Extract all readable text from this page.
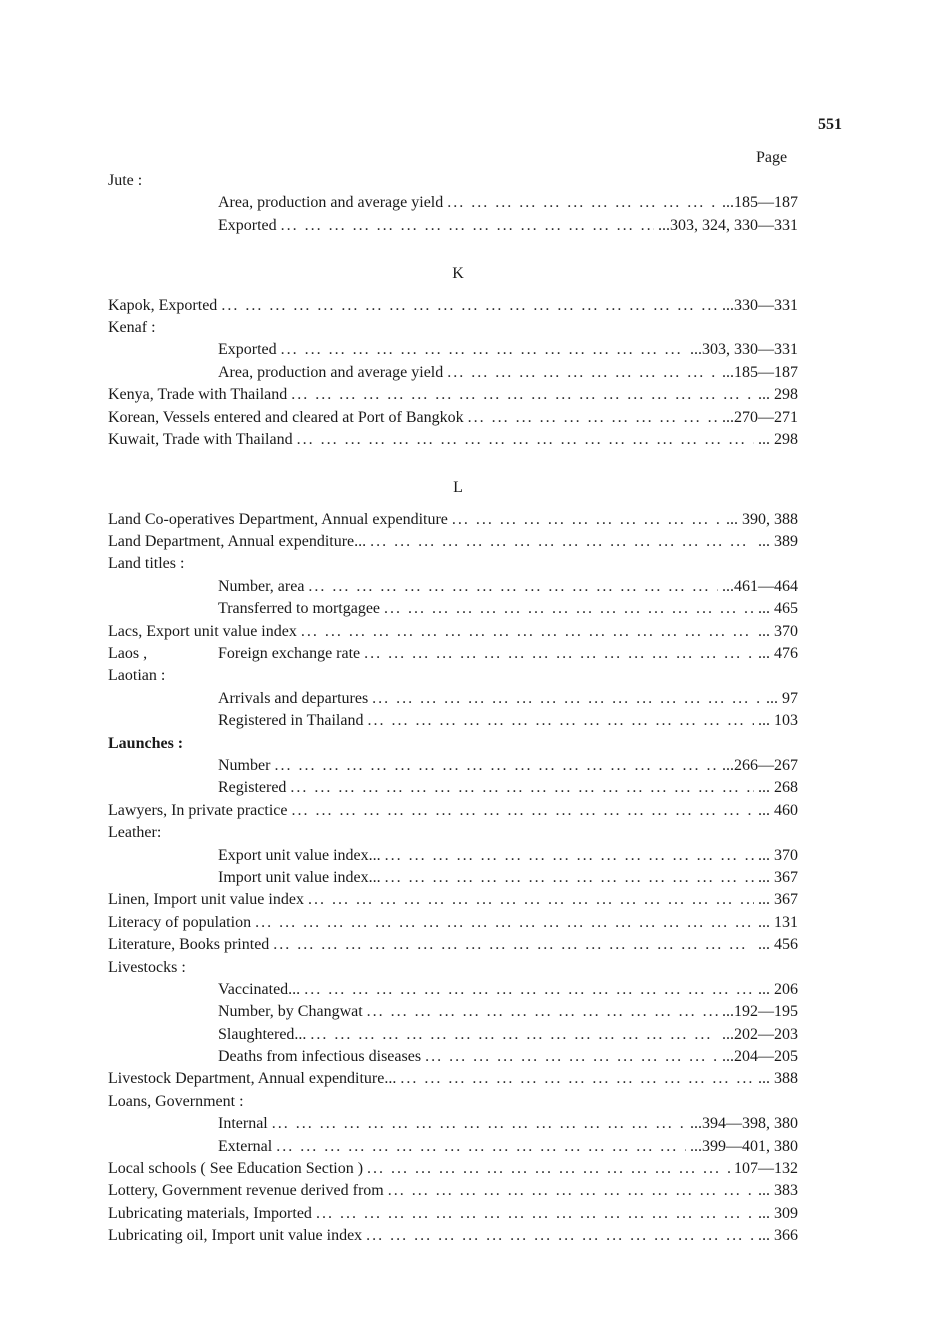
551
Page
Jute :
Area, production and average yield ... .	...185—187
Exported ... .	...303, 324, 330—331
K
Kapok, Exported ... .	...330—331
Kenaf :
Exported ... .	...303, 330—331
Area, production and average yield ... .	...185—187
Kenya, Trade with Thailand ... .	... 298
Korean, Vessels entered and cleared at Port of Bangkok ... .	...270—271
Kuwait, Trade with Thailand ... .	... 298
L
Land Co-operatives Department, Annual expenditure ... .	... 390, 388
Land Department, Annual expenditure... ... .	... 389
Land titles :
Number, area ... .	...461—464
Transferred to mortgagee ... .	... 465
Lacs, Export unit value index ... .	... 370
Laos ,	Foreign exchange rate ... .	... 476
Laotian :
Arrivals and departures ... .	... 97
Registered in Thailand ... .	... 103
Launches :
Number ... .	...266—267
Registered ... .	... 268
Lawyers, In private practice ... .	... 460
Leather:
Export unit value index... ... .	... 370
Import unit value index... ... .	... 367
Linen, Import unit value index ... .	... 367
Literacy of population ... .	... 131
Literature, Books printed ... .	... 456
Livestocks :
Vaccinated... ... .	... 206
Number, by Changwat ... .	...192—195
Slaughtered... ... .	...202—203
Deaths from infectious diseases ... .	...204—205
Livestock Department, Annual expenditure... ... .	... 388
Loans, Government :
Internal ... .	...394—398, 380
External ... .	...399—401, 380
Local schools ( See Education Section ) ... .	107—132
Lottery, Government revenue derived from ... .	... 383
Lubricating materials, Imported ... .	... 309
Lubricating oil, Import unit value index ... .	... 366
